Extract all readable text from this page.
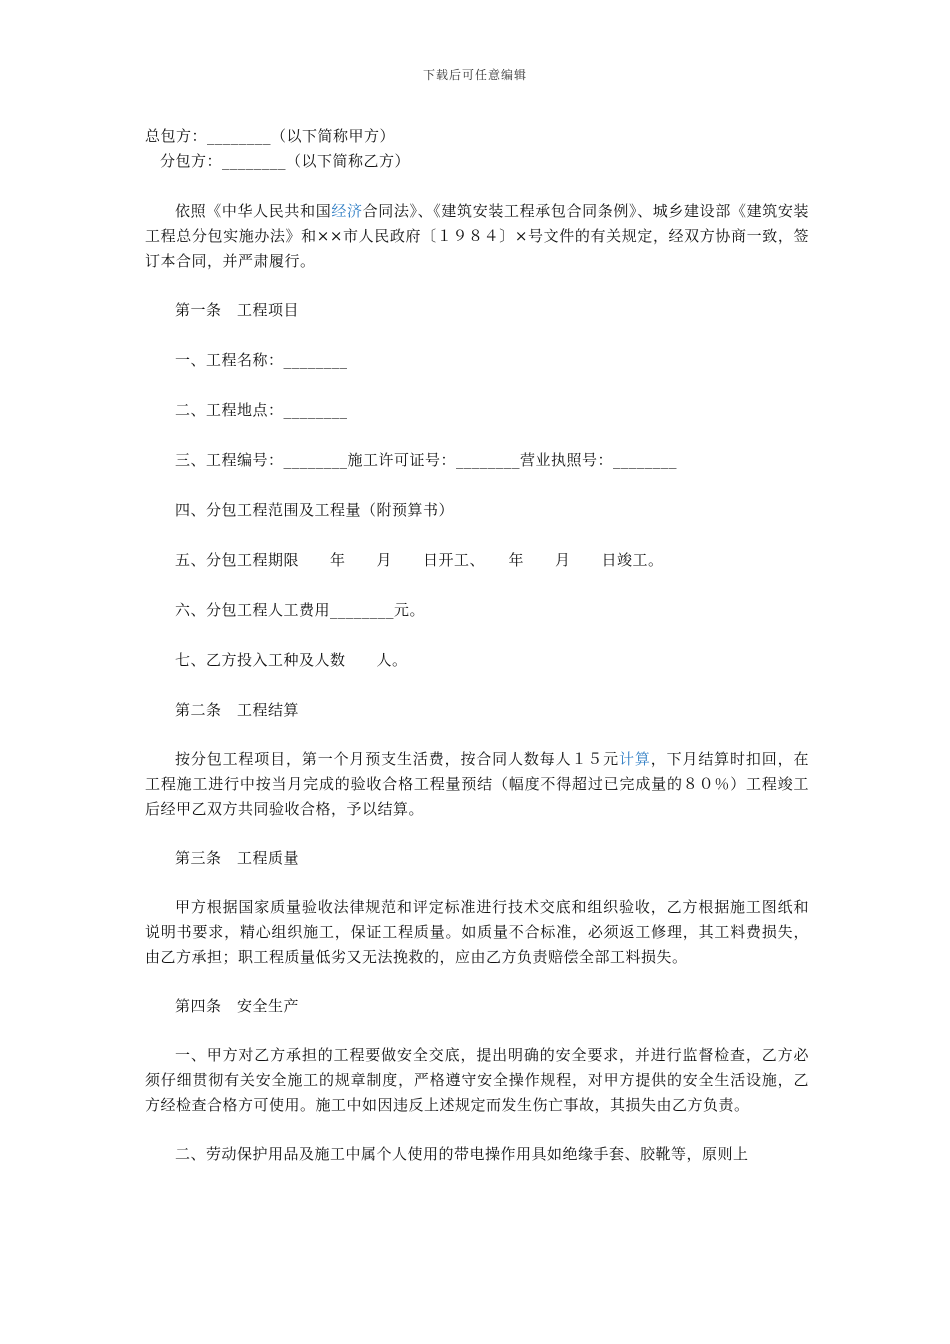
下载后可任意编辑

总包方：________（以下简称甲方）

分包方：________（以下简称乙方）

依照《中华人民共和国经济合同法》、《建筑安装工程承包合同条例》、城乡建设部《建筑安装工程总分包实施办法》和××市人民政府〔１９８４〕×号文件的有关规定，经双方协商一致，签订本合同，并严肃履行。

第一条　工程项目

一、工程名称：________

二、工程地点：________

三、工程编号：________施工许可证号：________营业执照号：________

四、分包工程范围及工程量（附预算书）

五、分包工程期限　　年　　月　　日开工、　　年　　月　　日竣工。

六、分包工程人工费用________元。

七、乙方投入工种及人数　　人。

第二条　工程结算

按分包工程项目，第一个月预支生活费，按合同人数每人１５元计算，下月结算时扣回，在工程施工进行中按当月完成的验收合格工程量预结（幅度不得超过已完成量的８０％）工程竣工后经甲乙双方共同验收合格，予以结算。

第三条　工程质量

甲方根据国家质量验收法律规范和评定标准进行技术交底和组织验收，乙方根据施工图纸和说明书要求，精心组织施工，保证工程质量。如质量不合标准，必须返工修理，其工料费损失，由乙方承担；职工程质量低劣又无法挽救的，应由乙方负责赔偿全部工料损失。

第四条　安全生产

一、甲方对乙方承担的工程要做安全交底，提出明确的安全要求，并进行监督检查，乙方必须仔细贯彻有关安全施工的规章制度，严格遵守安全操作规程，对甲方提供的安全生活设施，乙方经检查合格方可使用。施工中如因违反上述规定而发生伤亡事故，其损失由乙方负责。

二、劳动保护用品及施工中属个人使用的带电操作用具如绝缘手套、胶靴等，原则上
